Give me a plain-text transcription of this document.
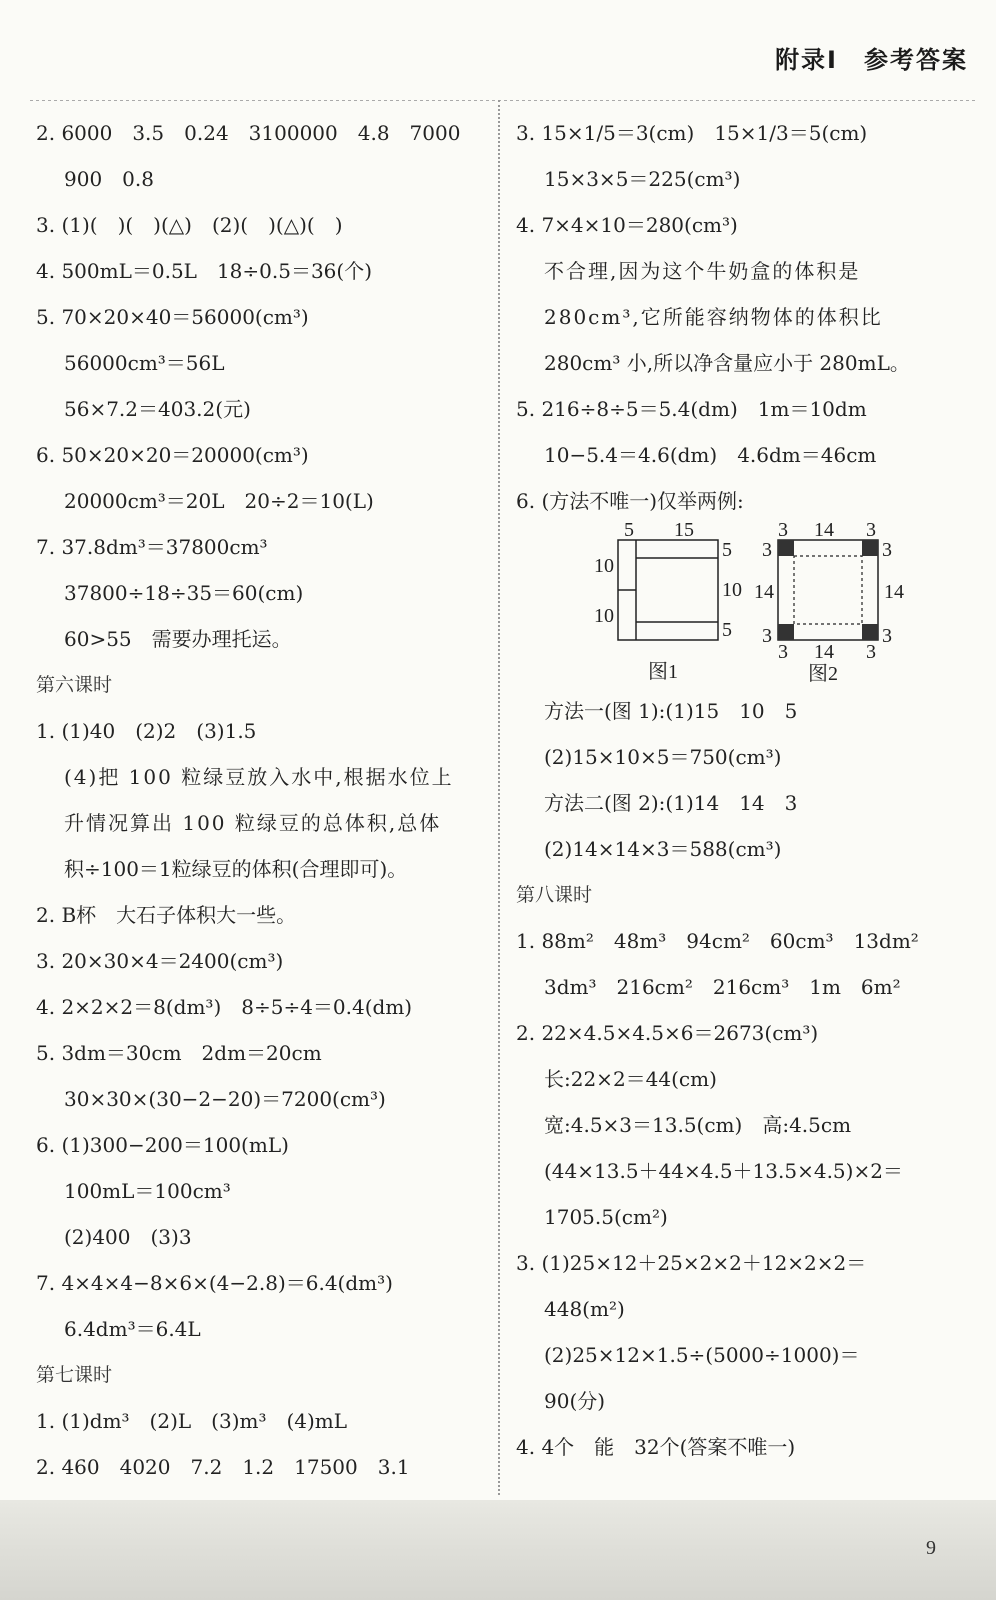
附录Ⅰ　参考答案
2. 6000　3.5　0.24　3100000　4.8　7000
900　0.8
3. (1)(　)(　)(△)　(2)(　)(△)(　)
4. 500mL＝0.5L　18÷0.5＝36(个)
5. 70×20×40＝56000(cm³)
56000cm³＝56L
56×7.2＝403.2(元)
6. 50×20×20＝20000(cm³)
20000cm³＝20L　20÷2＝10(L)
7. 37.8dm³＝37800cm³
37800÷18÷35＝60(cm)
60>55　需要办理托运。
第六课时
1. (1)40　(2)2　(3)1.5
(4)把 100 粒绿豆放入水中,根据水位上
升情况算出 100 粒绿豆的总体积,总体
积÷100＝1粒绿豆的体积(合理即可)。
2. B杯　大石子体积大一些。
3. 20×30×4＝2400(cm³)
4. 2×2×2＝8(dm³)　8÷5÷4＝0.4(dm)
5. 3dm＝30cm　2dm＝20cm
30×30×(30−2−20)＝7200(cm³)
6. (1)300−200＝100(mL)
100mL＝100cm³
(2)400　(3)3
7. 4×4×4−8×6×(4−2.8)＝6.4(dm³)
6.4dm³＝6.4L
第七课时
1. (1)dm³　(2)L　(3)m³　(4)mL
2. 460　4020　7.2　1.2　17500　3.1
3. 15×1/5＝3(cm)　15×1/3＝5(cm)
15×3×5＝225(cm³)
4. 7×4×10＝280(cm³)
不合理,因为这个牛奶盒的体积是
280cm³,它所能容纳物体的体积比
280cm³ 小,所以净含量应小于 280mL。
5. 216÷8÷5＝5.4(dm)　1m＝10dm
10−5.4＝4.6(dm)　4.6dm＝46cm
6. (方法不唯一)仅举两例:
5 15
10
10
5
10
5
图1
3 14 3
3
14
3
14
3
3
3 14 3
图2
方法一(图 1):(1)15　10　5
(2)15×10×5＝750(cm³)
方法二(图 2):(1)14　14　3
(2)14×14×3＝588(cm³)
第八课时
1. 88m²　48m³　94cm²　60cm³　13dm²
3dm³　216cm²　216cm³　1m　6m²
2. 22×4.5×4.5×6＝2673(cm³)
长:22×2＝44(cm)
宽:4.5×3＝13.5(cm)　高:4.5cm
(44×13.5＋44×4.5＋13.5×4.5)×2＝
1705.5(cm²)
3. (1)25×12＋25×2×2＋12×2×2＝
448(m²)
(2)25×12×1.5÷(5000÷1000)＝
90(分)
4. 4个　能　32个(答案不唯一)
9
